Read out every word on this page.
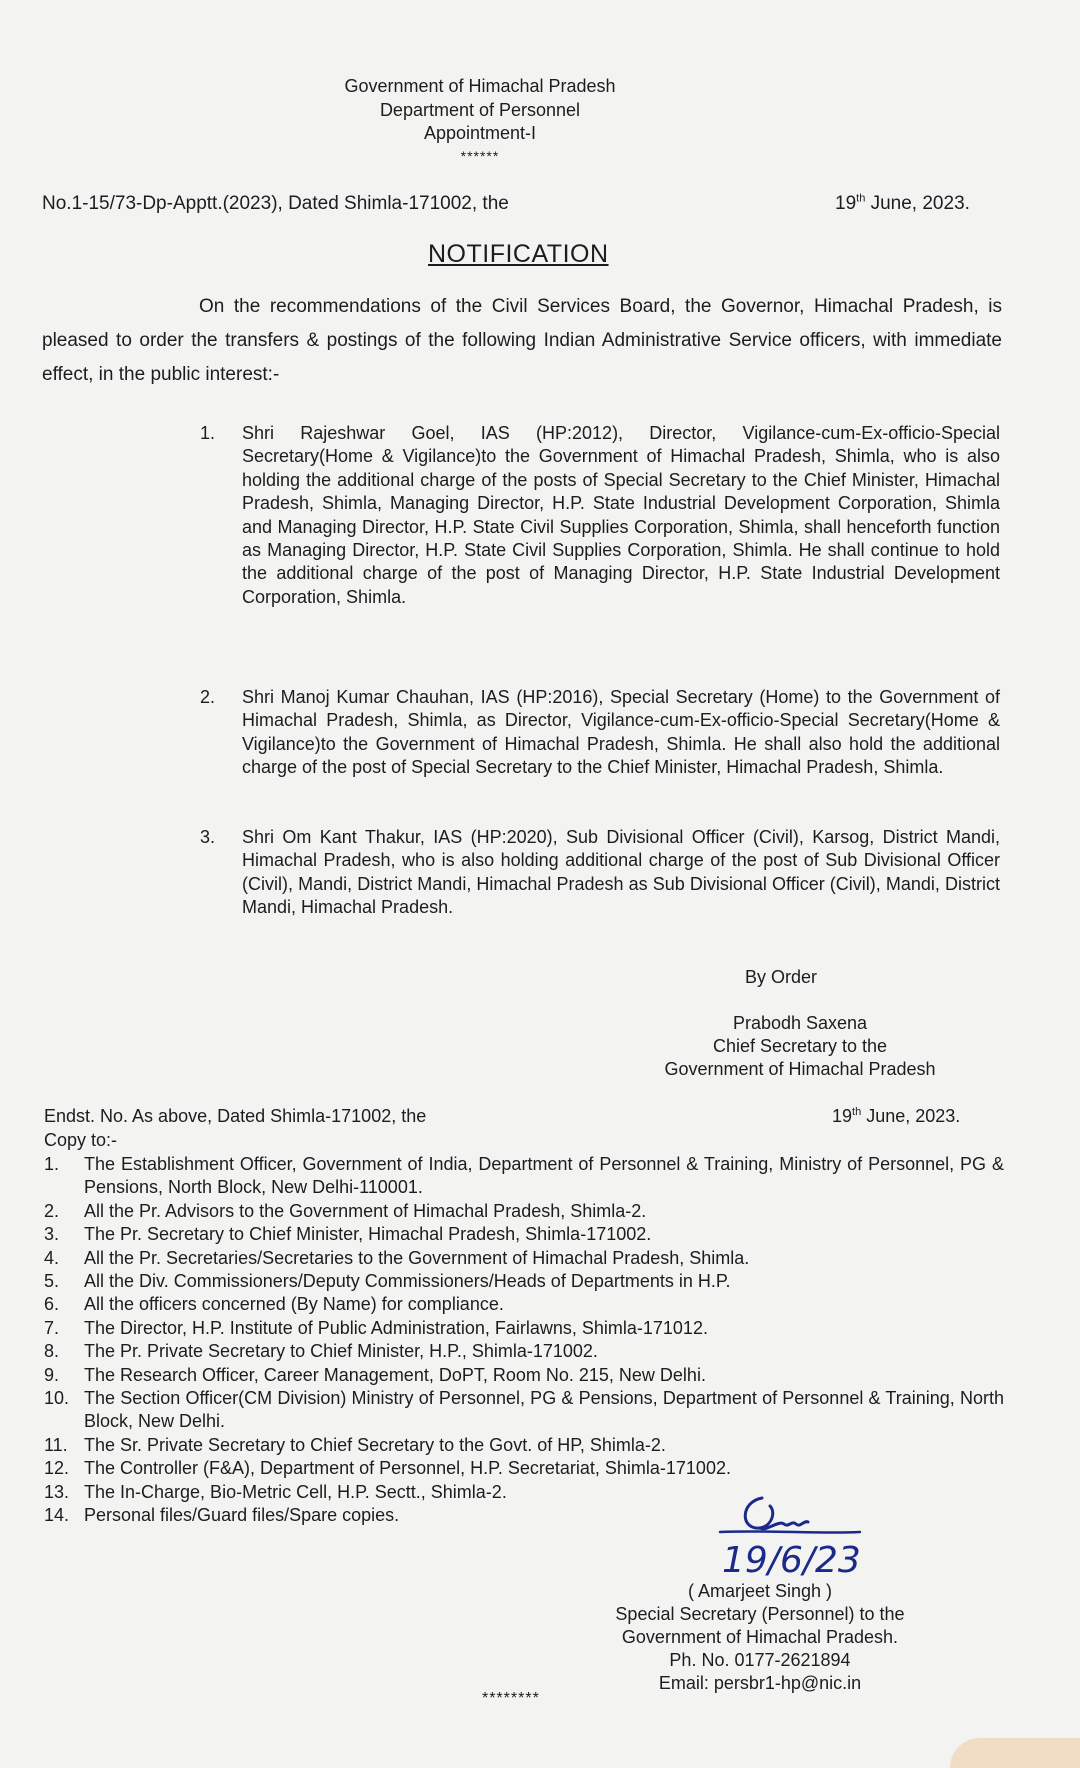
Government of Himachal Pradesh
Department of Personnel
Appointment-I
******
No.1-15/73-Dp-Apptt.(2023), Dated Shimla-171002, the	19th June, 2023.
NOTIFICATION
On the recommendations of the Civil Services Board, the Governor, Himachal Pradesh, is pleased to order the transfers & postings of the following Indian Administrative Service officers, with immediate effect, in the public interest:-
1.	Shri Rajeshwar Goel, IAS (HP:2012), Director, Vigilance-cum-Ex-officio-Special Secretary(Home & Vigilance)to the Government of Himachal Pradesh, Shimla, who is also holding the additional charge of the posts of Special Secretary to the Chief Minister, Himachal Pradesh, Shimla, Managing Director, H.P. State Industrial Development Corporation, Shimla and Managing Director, H.P. State Civil Supplies Corporation, Shimla, shall henceforth function as Managing Director, H.P. State Civil Supplies Corporation, Shimla. He shall continue to hold the additional charge of the post of Managing Director, H.P. State Industrial Development Corporation, Shimla.
2.	Shri Manoj Kumar Chauhan, IAS (HP:2016), Special Secretary (Home) to the Government of Himachal Pradesh, Shimla, as Director, Vigilance-cum-Ex-officio-Special Secretary(Home & Vigilance)to the Government of Himachal Pradesh, Shimla. He shall also hold the additional charge of the post of Special Secretary to the Chief Minister, Himachal Pradesh, Shimla.
3.	Shri Om Kant Thakur, IAS (HP:2020), Sub Divisional Officer (Civil), Karsog, District Mandi, Himachal Pradesh, who is also holding additional charge of the post of Sub Divisional Officer (Civil), Mandi, District Mandi, Himachal Pradesh as Sub Divisional Officer (Civil), Mandi, District Mandi, Himachal Pradesh.
By Order
Prabodh Saxena
Chief Secretary to the
Government of Himachal Pradesh
Endst. No. As above, Dated Shimla-171002, the	19th June, 2023.
Copy to:-
1. The Establishment Officer, Government of India, Department of Personnel & Training, Ministry of Personnel, PG & Pensions, North Block, New Delhi-110001.
2. All the Pr. Advisors to the Government of Himachal Pradesh, Shimla-2.
3. The Pr. Secretary to Chief Minister, Himachal Pradesh, Shimla-171002.
4. All the Pr. Secretaries/Secretaries to the Government of Himachal Pradesh, Shimla.
5. All the Div. Commissioners/Deputy Commissioners/Heads of Departments in H.P.
6. All the officers concerned (By Name) for compliance.
7. The Director, H.P. Institute of Public Administration, Fairlawns, Shimla-171012.
8. The Pr. Private Secretary to Chief Minister, H.P., Shimla-171002.
9. The Research Officer, Career Management, DoPT, Room No. 215, New Delhi.
10. The Section Officer(CM Division) Ministry of Personnel, PG & Pensions, Department of Personnel & Training, North Block, New Delhi.
11. The Sr. Private Secretary to Chief Secretary to the Govt. of HP, Shimla-2.
12. The Controller (F&A), Department of Personnel, H.P. Secretariat, Shimla-171002.
13. The In-Charge, Bio-Metric Cell, H.P. Sectt., Shimla-2.
14. Personal files/Guard files/Spare copies.
19/6/23
( Amarjeet Singh )
Special Secretary (Personnel) to the
Government of Himachal Pradesh.
Ph. No. 0177-2621894
Email: persbr1-hp@nic.in
********
